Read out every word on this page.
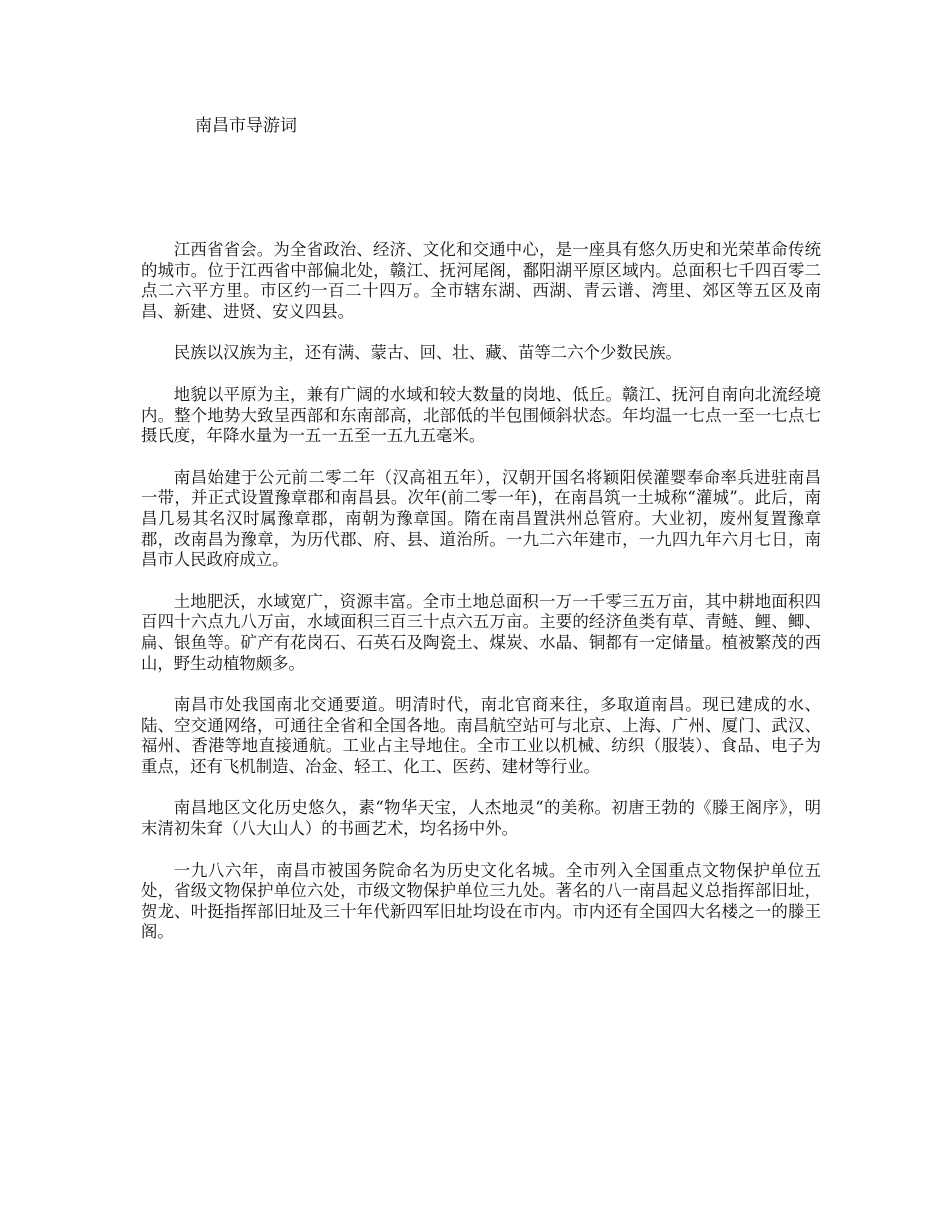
南昌市导游词

江西省省会。为全省政治、经济、文化和交通中心，是一座具有悠久历史和光荣革命传统的城市。位于江西省中部偏北处，赣江、抚河尾阁，鄱阳湖平原区域内。总面积七千四百零二点二六平方里。市区约一百二十四万。全市辖东湖、西湖、青云谱、湾里、郊区等五区及南昌、新建、进贤、安义四县。

民族以汉族为主，还有满、蒙古、回、壮、藏、苗等二六个少数民族。

地貌以平原为主，兼有广阔的水域和较大数量的岗地、低丘。赣江、抚河自南向北流经境内。整个地势大致呈西部和东南部高，北部低的半包围倾斜状态。年均温一七点一至一七点七摄氏度，年降水量为一五一五至一五九五毫米。

南昌始建于公元前二零二年（汉高祖五年），汉朝开国名将颖阳侯灌婴奉命率兵进驻南昌一带，并正式设置豫章郡和南昌县。次年(前二零一年)，在南昌筑一土城称“灌城”。此后，南昌几易其名汉时属豫章郡，南朝为豫章国。隋在南昌置洪州总管府。大业初，废州复置豫章郡，改南昌为豫章，为历代郡、府、县、道治所。一九二六年建市，一九四九年六月七日，南昌市人民政府成立。

土地肥沃，水域宽广，资源丰富。全市土地总面积一万一千零三五万亩，其中耕地面积四百四十六点九八万亩，水域面积三百三十点六五万亩。主要的经济鱼类有草、青鲢、鲤、鲫、扁、银鱼等。矿产有花岗石、石英石及陶瓷土、煤炭、水晶、铜都有一定储量。植被繁茂的西山，野生动植物颇多。

南昌市处我国南北交通要道。明清时代，南北官商来往，多取道南昌。现已建成的水、陆、空交通网络，可通往全省和全国各地。南昌航空站可与北京、上海、广州、厦门、武汉、福州、香港等地直接通航。工业占主导地住。全市工业以机械、纺织（服装）、食品、电子为重点，还有飞机制造、冶金、轻工、化工、医药、建材等行业。

南昌地区文化历史悠久，素“物华天宝，人杰地灵“的美称。初唐王勃的《滕王阁序》，明末清初朱耷（八大山人）的书画艺术，均名扬中外。

一九八六年，南昌市被国务院命名为历史文化名城。全市列入全国重点文物保护单位五处，省级文物保护单位六处，市级文物保护单位三九处。著名的八一南昌起义总指挥部旧址，贺龙、叶挺指挥部旧址及三十年代新四军旧址均设在市内。市内还有全国四大名楼之一的滕王阁。
